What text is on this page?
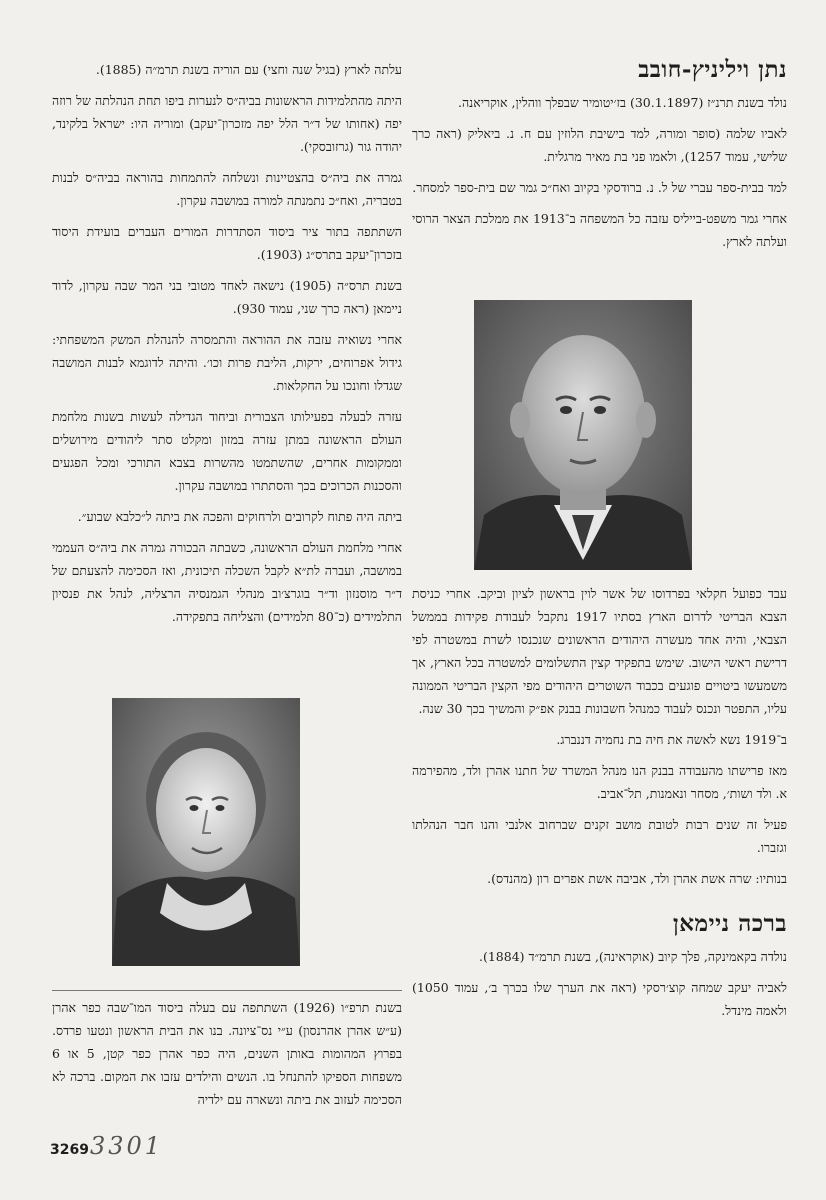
נתן ויליניץ-חובב

נולד בשנת תרנ״ז (30.1.1897) בז׳יטומיר שבפלך ווהלין, אוקריאנה.

לאביו שלמה (סופר ומורה, למד בישיבת הלוזין עם ח. נ. ביאליק (ראה כרך שלישי, עמוד 1257), ולאמו פני בת מאיר מרגלית.

למד בבית-ספר עברי של ל. נ. ברודסקי בקיוב ואח״כ גמר שם בית-ספר למסחר.

אחרי גמר משפט-בייליס עזבה כל המשפחה ב־1913 את ממלכת הצאר הרוסי ועלתה לארץ.

עבד כפועל חקלאי בפרדוסו של אשר לוין בראשון לציון וביקב. אחרי כניסת הצבא הבריטי לדרום הארץ בסתיו 1917 נתקבל לעבודת פקידות בממשל הצבאי, והיה אחד מעשרה היהודים הראשונים שנכנסו לשרת במשטרה לפי דרישת ראשי הישוב. שימש בתפקיד קצין התשלומים למשטרה בכל הארץ, אך משמעשו ביטויים פוגעים בכבוד השוטרים היהודים מפי הקצין הבריטי הממונה עליו, התפטר ונכנס לעבוד כמנהל חשבונות בבנק אפ״ק והמשיך בכך 30 שנה.

ב־1919 נשא לאשה את חיה בת נחמיה דננברג.

מאז פרישתו מהעבודה בבנק הנו מנהל המשרד של חתנו אהרן ולד, מהפירמה א. ולד ושות׳, מסחר ונאמנות, תל־אביב.

פעיל זה שנים רבות לטובת מושב זקנים שברחוב אלנבי והנו חבר הנהלתו וגזברו.

בנותיו: שרה אשת אהרן ולד, אביבה אשת אפרים רון (מהנדס).

ברכה ניימאן

נולדה בקאמינקה, פלך קיוב (אוקראינה), בשנת תרמ״ד (1884).

לאביה יעקב שמחה קוצ׳רסקי (ראה את הערך שלו בכרך ב׳, עמוד 1050) ולאמה מינדל.

עלתה לארץ (בגיל שנה וחצי) עם הוריה בשנת תרמ״ה (1885).

היתה מהתלמידות הראשונות בביה״ס לנערות ביפו תחת הנהלתה של רוזה יפה (אחותו של ד״ר הלל יפה מזכרון־יעקב) ומוריה היו: ישראל בלקינד, יהודה גור (גרזובסקי).

גמרה את ביה״ס בהצטיינות ונשלחה להתמחות בהוראה בביה״ס לבנות בטבריה, ואח״כ נתמנתה למורה במושבה עקרון.

השתתפה בתור ציר ביסוד הסתדרות המורים העברים בועידת היסוד בזכרון־יעקב בתרס״ג (1903).

בשנת תרס״ה (1905) נישאה לאחד מטובי בני המר שבה עקרון, לדוד ניימאן (ראה כרך שני, עמוד 930).

אחרי נשואיה עזבה את ההוראה והתמסרה להנהלת המשק המשפחתי: גידול אפרוחים, ירקות, הליבת פרות וכו׳. והיתה לדוגמא לבנות המושבה שגדלו וחונכו על החקלאות.

עזרה לבעלה בפעילותו הצבורית וביחוד הגדילה לעשות בשנות מלחמת העולם הראשונה במתן עזרה במזון ומקלט סתר ליהודים מירושלים וממקומות אחרים, שהשתמטו מהשרות בצבא התורכי ומכל הפגעים והסכנות הכרוכים בכך והסתתרו במושבה עקרון.

ביתה היה פתוח לקרובים ולרחוקים והפכה את ביתה ל״כלבא שבוע״.

אחרי מלחמת העולם הראשונה, כשבתה הבכורה גמרה את ביה״ס העממי במושבה, ועברה לת״א לקבל השכלה תיכונית, ואז הסכימה להצעתם של ד״ר מוסנזון וד״ר בוגרצ׳וב מנהלי הגמנסיה הרצליה, לנהל את פנסיון התלמידים (כ־80 תלמידים) והצליחה בתפקידה.

בשנת תרפ״ו (1926) השתתפה עם בעלה ביסוד המו־שבה כפר אהרן (ע״ש אהרן אהרנסון) ע״י נס־ציונה. בנו את הבית הראשון ונטעו פרדס. בפרוץ המהומות באותן השנים, היה כפר אהרן כפר קטן, 5 או 6 משפחות הספיקו להתנחל בו. הנשים והילדים עזבו את המקום. ברכה לא הסכימה לעזוב את ביתה ונשארה עם ילדיה

3269 3301
